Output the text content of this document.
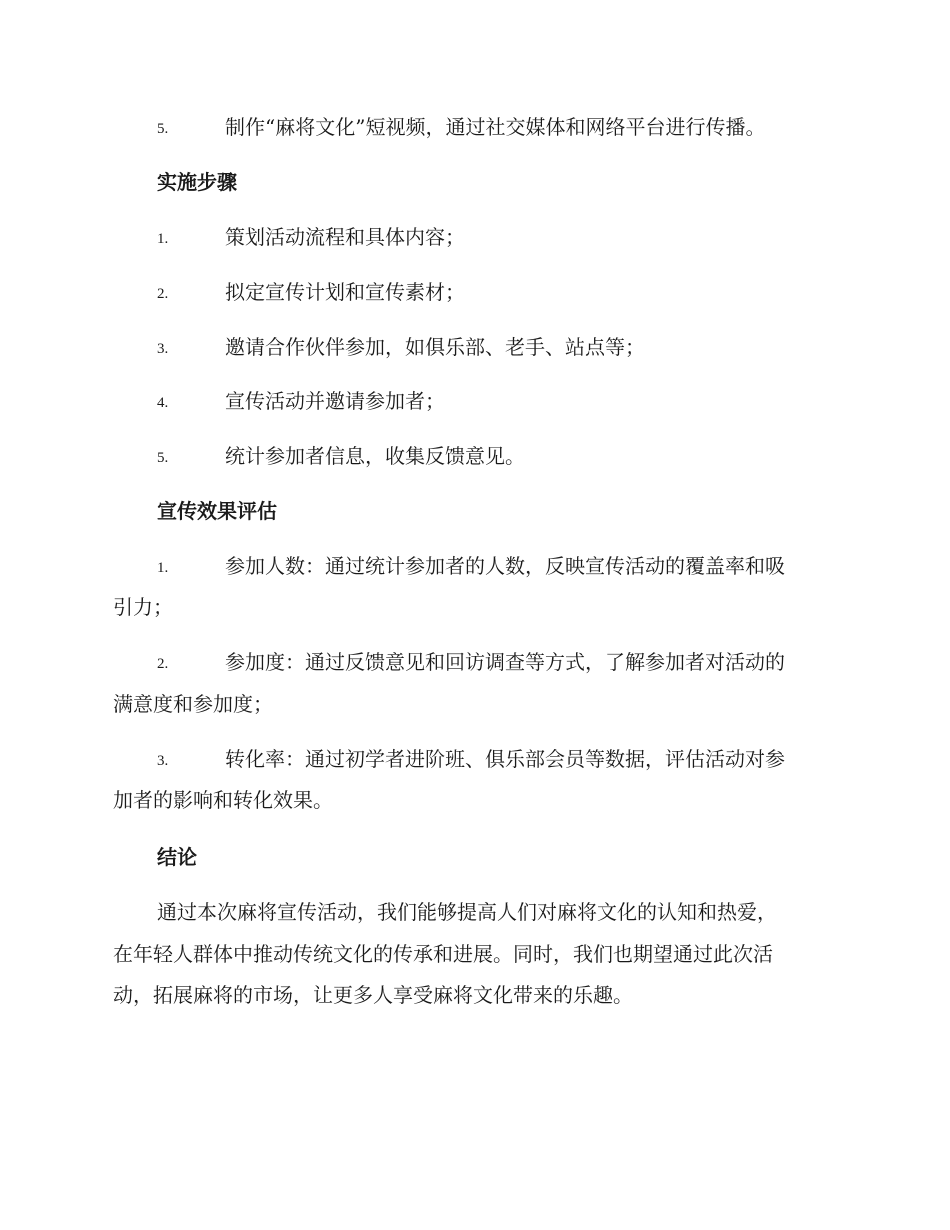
5.	制作“麻将文化”短视频，通过社交媒体和网络平台进行传播。
实施步骤
1.	策划活动流程和具体内容；
2.	拟定宣传计划和宣传素材；
3.	邀请合作伙伴参加，如俱乐部、老手、站点等；
4.	宣传活动并邀请参加者；
5.	统计参加者信息，收集反馈意见。
宣传效果评估
1.	参加人数：通过统计参加者的人数，反映宣传活动的覆盖率和吸
引力；
2.	参加度：通过反馈意见和回访调查等方式，了解参加者对活动的
满意度和参加度；
3.	转化率：通过初学者进阶班、俱乐部会员等数据，评估活动对参
加者的影响和转化效果。
结论
通过本次麻将宣传活动，我们能够提高人们对麻将文化的认知和热爱，
在年轻人群体中推动传统文化的传承和进展。同时，我们也期望通过此次活
动，拓展麻将的市场，让更多人享受麻将文化带来的乐趣。
